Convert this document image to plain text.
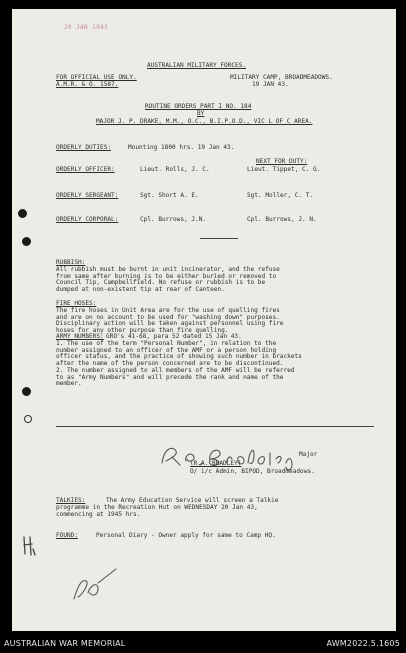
20 JAN 1943
AUSTRALIAN MILITARY FORCES.
FOR OFFICIAL USE ONLY.
A.M.R. & O. 1587.
MILITARY CAMP, BROADMEADOWS.
19 JAN 43.
ROUTINE ORDERS PART I NO. 184
BY
MAJOR J. P. DRAKE, M.M., O.C., B.I.P.O.D., VIC L OF C AREA.
ORDERLY DUTIES:	Mounting 1800 hrs. 19 Jan 43.
NEXT FOR DUTY:
ORDERLY OFFICER:	Lieut. Rolls, J. C.	Lieut. Tippet, C. G.
ORDERLY SERGEANT:	Sgt. Short A. E.	Sgt. Moller, C. T.
ORDERLY CORPORAL:	Cpl. Burrows, J.N.	Cpl. Burrows, J. N.
RUBBISH:
All rubbish must be burnt in unit incinerator, and the refuse
from same after burning is to be either buried or removed to
Council Tip, Campbellfield. No refuse or rubbish is to be
dumped at non-existent tip at rear of Canteen.
FIRE HOSES:
The fire hoses in Unit Area are for the use of quelling fires
and are on no account to be used for "washing down" purposes.
Disciplinary action will be taken against personnel using fire
hoses for any other purpose than fire quelling.
ARMY NUMBERS: GRO's 41-68, para 52 dated 15 Jan 43.
1. The use of the term "Personal Number", in relation to the
number assigned to an officer of the AMF or a person holding
officer status, and the practice of showing such number in brackets
after the name of the person concerned are to be discontinued.
2. The number assigned to all members of the AMF will be referred
to as "Army Numbers" and will precede the rank and name of the
member.
Major
(R.A. BRADLEY)
O/ i/c Admin, BIPOD, Broadmeadows.
TALKIES:	The Army Education Service will screen a Talkie
programme in the Recreation Hut on WEDNESDAY 20 Jan 43,
commencing at 1945 hrs.
FOUND:	Personal Diary - Owner apply for same to Camp HQ.
AUSTRALIAN WAR MEMORIAL	AWM2022.5.1605
